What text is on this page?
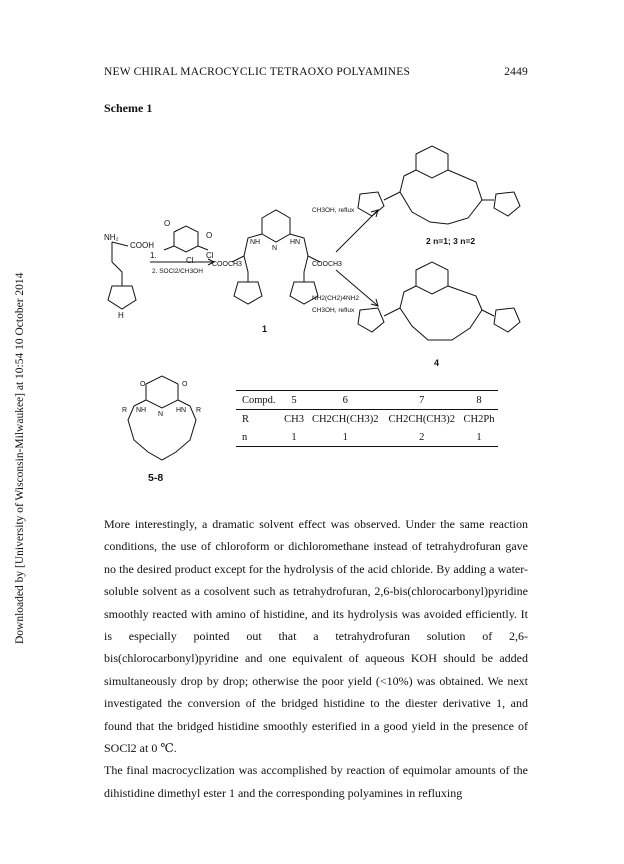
NEW CHIRAL MACROCYCLIC TETRAOXO POLYAMINES	2449
Scheme 1
Downloaded by [University of Wisconsin-Milwaukee] at 10:54 10 October 2014
NH₂
COOH
H
O
O
Cl
Cl
1.
2. SOCl2/CH3OH
COOCH3	COOCH3
NH	HN
N
1
CH3OH, reflux
NH2(CH2)4NH2
CH3OH, reflux
2 n=1; 3 n=2
4
R	R
NH	HN
O	O
N
Compd.	5	6	7	8
R	CH3	CH2CH(CH3)2	CH2CH(CH3)2	CH2Ph
n	1	1	2	1
5-8

More interestingly, a dramatic solvent effect was observed. Under the same reaction conditions, the use of chloroform or dichloromethane instead of tetrahydrofuran gave no the desired product except for the hydrolysis of the acid chloride. By adding a water-soluble solvent as a cosolvent such as tetrahydrofuran, 2,6-bis(chlorocarbonyl)pyridine smoothly reacted with amino of histidine, and its hydrolysis was avoided efficiently. It is especially pointed out that a tetrahydrofuran solution of 2,6-bis(chlorocarbonyl)pyridine and one equivalent of aqueous KOH should be added simultaneously drop by drop; otherwise the poor yield (<10%) was obtained. We next investigated the conversion of the bridged histidine to the diester derivative 1, and found that the bridged histidine smoothly esterified in a good yield in the presence of SOCl2 at 0 ℃.

The final macrocyclization was accomplished by reaction of equimolar amounts of the dihistidine dimethyl ester 1 and the corresponding polyamines in refluxing
